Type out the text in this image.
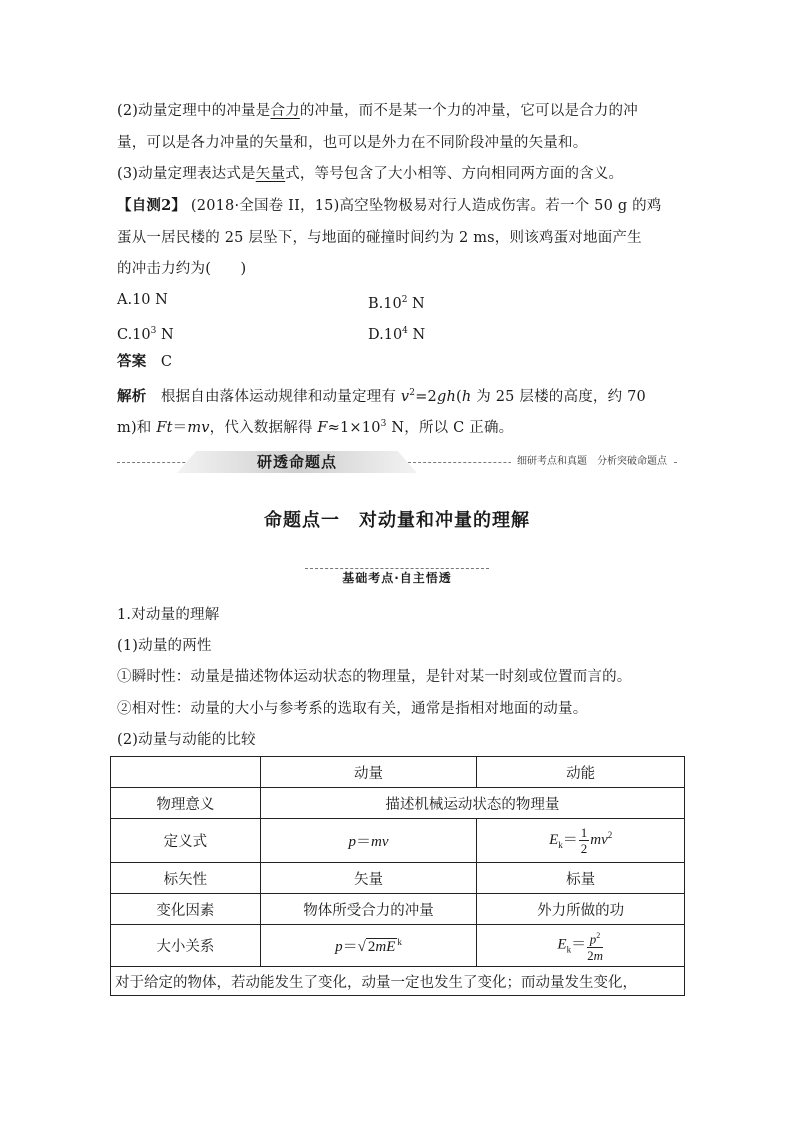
(2)动量定理中的冲量是合力的冲量，而不是某一个力的冲量，它可以是合力的冲
量，可以是各力冲量的矢量和，也可以是外力在不同阶段冲量的矢量和。
(3)动量定理表达式是矢量式，等号包含了大小相等、方向相同两方面的含义。
【自测2】 (2018·全国卷 II，15)高空坠物极易对行人造成伤害。若一个 50 g 的鸡
蛋从一居民楼的 25 层坠下，与地面的碰撞时间约为 2 ms，则该鸡蛋对地面产生
的冲击力约为(　　)
A.10 N	$B.10^2$ N
$C.10^3$ N	$D.10^4$ N
答案 C
解析 根据自由落体运动规律和动量定理有 $v^2=2gh(h$ 为 25 层楼的高度，约 70
m)和 Ft＝mv，代入数据解得 $F\approx 1\times 10^3$ N，所以 C 正确。
研透命题点	细研考点和真题　分析突破命题点
命题点一　对动量和冲量的理解
基础考点·自主悟透
1.对动量的理解
(1)动量的两性
①瞬时性：动量是描述物体运动状态的物理量，是针对某一时刻或位置而言的。
②相对性：动量的大小与参考系的选取有关，通常是指相对地面的动量。
(2)动量与动能的比较
	动量	动能
物理意义	描述机械运动状态的物理量	
定义式	p＝mv	$E_k= \frac{1}{2} mv^2$
标矢性	矢量	标量
变化因素	物体所受合力的冲量	外力所做的功
大小关系	p＝√ 2mE $^k$	$E_k= \frac{p^2}{2m}$

对于给定的物体，若动能发生了变化，动量一定也发生了变化；而动量发生变化，		
